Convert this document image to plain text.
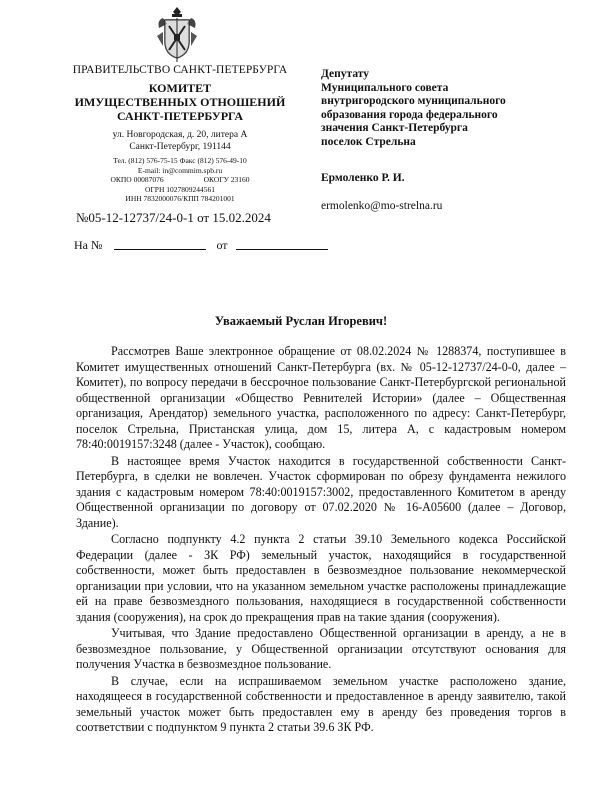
ПРАВИТЕЛЬСТВО САНКТ-ПЕТЕРБУРГА
КОМИТЕТ
ИМУЩЕСТВЕННЫХ ОТНОШЕНИЙ
САНКТ-ПЕТЕРБУРГА
ул. Новгородская, д. 20, литера А
Санкт-Петербург, 191144
Тел. (812) 576-75-15 Факс (812) 576-49-10
E-mail: in@commim.spb.ru
ОКПО 00087076	ОКОГУ 23160
ОГРН 1027809244561
ИНН 7832000076/КПП 784201001
№05-12-12737/24-0-1 от 15.02.2024
На №	от
Депутату
Муниципального совета
внутригородского муниципального
образования города федерального
значения Санкт-Петербурга
поселок Стрельна
Ермоленко Р. И.
ermolenko@mo-strelna.ru
Уважаемый Руслан Игоревич!

Рассмотрев Ваше электронное обращение от 08.02.2024 № 1288374, поступившее в Комитет имущественных отношений Санкт-Петербурга (вх. № 05-12-12737/24-0-0, далее – Комитет), по вопросу передачи в бессрочное пользование Санкт-Петербургской региональной общественной организации «Общество Ревнителей Истории» (далее – Общественная организация, Арендатор) земельного участка, расположенного по адресу: Санкт-Петербург, поселок Стрельна, Пристанская улица, дом 15, литера А, с кадастровым номером 78:40:0019157:3248 (далее - Участок), сообщаю.

В настоящее время Участок находится в государственной собственности Санкт-Петербурга, в сделки не вовлечен. Участок сформирован по обрезу фундамента нежилого здания с кадастровым номером 78:40:0019157:3002, предоставленного Комитетом в аренду Общественной организации по договору от 07.02.2020 № 16-А05600 (далее – Договор, Здание).

Согласно подпункту 4.2 пункта 2 статьи 39.10 Земельного кодекса Российской Федерации (далее - ЗК РФ) земельный участок, находящийся в государственной собственности, может быть предоставлен в безвозмездное пользование некоммерческой организации при условии, что на указанном земельном участке расположены принадлежащие ей на праве безвозмездного пользования, находящиеся в государственной собственности здания (сооружения), на срок до прекращения прав на такие здания (сооружения).

Учитывая, что Здание предоставлено Общественной организации в аренду, а не в безвозмездное пользование, у Общественной организации отсутствуют основания для получения Участка в безвозмездное пользование.

В случае, если на испрашиваемом земельном участке расположено здание, находящееся в государственной собственности и предоставленное в аренду заявителю, такой земельный участок может быть предоставлен ему в аренду без проведения торгов в соответствии с подпунктом 9 пункта 2 статьи 39.6 ЗК РФ.
